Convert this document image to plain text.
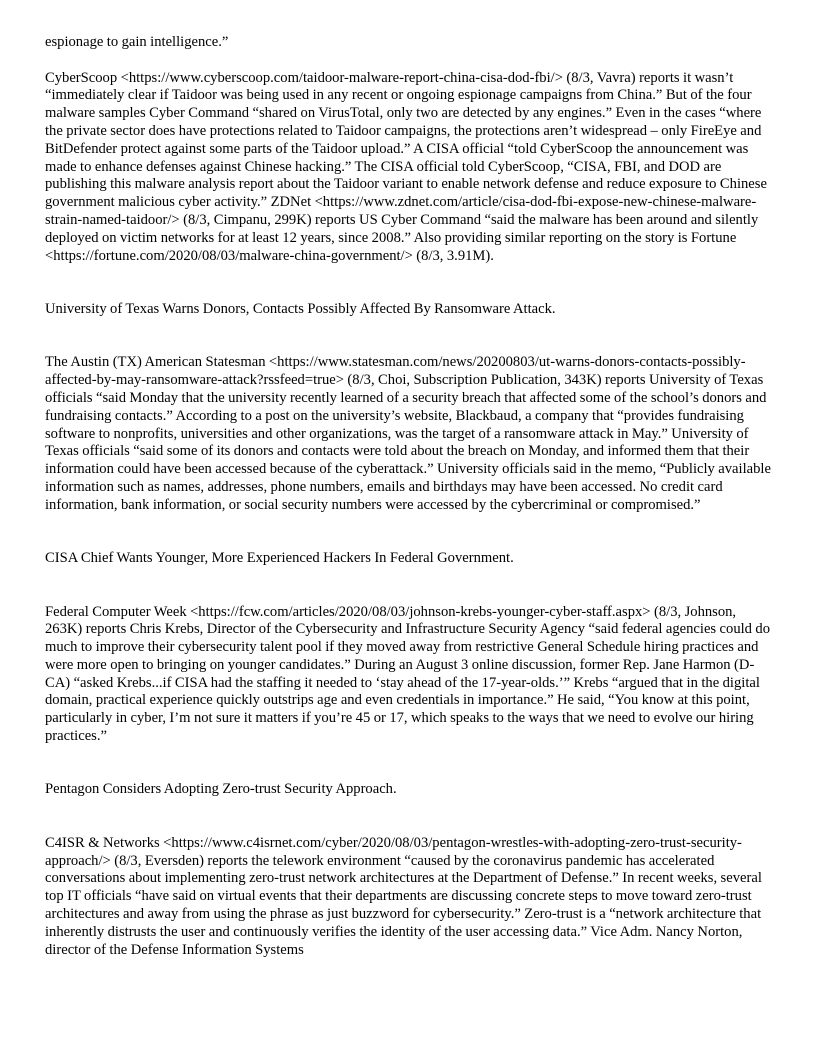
espionage to gain intelligence.”

CyberScoop <https://www.cyberscoop.com/taidoor-malware-report-china-cisa-dod-fbi/> (8/3, Vavra) reports it wasn’t “immediately clear if Taidoor was being used in any recent or ongoing espionage campaigns from China.” But of the four malware samples Cyber Command “shared on VirusTotal, only two are detected by any engines.” Even in the cases “where the private sector does have protections related to Taidoor campaigns, the protections aren’t widespread – only FireEye and BitDefender protect against some parts of the Taidoor upload.” A CISA official “told CyberScoop the announcement was made to enhance defenses against Chinese hacking.” The CISA official told CyberScoop, “CISA, FBI, and DOD are publishing this malware analysis report about the Taidoor variant to enable network defense and reduce exposure to Chinese government malicious cyber activity.” ZDNet <https://www.zdnet.com/article/cisa-dod-fbi-expose-new-chinese-malware-strain-named-taidoor/> (8/3, Cimpanu, 299K) reports US Cyber Command “said the malware has been around and silently deployed on victim networks for at least 12 years, since 2008.” Also providing similar reporting on the story is Fortune <https://fortune.com/2020/08/03/malware-china-government/> (8/3, 3.91M).

University of Texas Warns Donors, Contacts Possibly Affected By Ransomware Attack.

The Austin (TX) American Statesman <https://www.statesman.com/news/20200803/ut-warns-donors-contacts-possibly-affected-by-may-ransomware-attack?rssfeed=true> (8/3, Choi, Subscription Publication, 343K) reports University of Texas officials “said Monday that the university recently learned of a security breach that affected some of the school’s donors and fundraising contacts.” According to a post on the university’s website, Blackbaud, a company that “provides fundraising software to nonprofits, universities and other organizations, was the target of a ransomware attack in May.” University of Texas officials “said some of its donors and contacts were told about the breach on Monday, and informed them that their information could have been accessed because of the cyberattack.” University officials said in the memo, “Publicly available information such as names, addresses, phone numbers, emails and birthdays may have been accessed. No credit card information, bank information, or social security numbers were accessed by the cybercriminal or compromised.”

CISA Chief Wants Younger, More Experienced Hackers In Federal Government.

Federal Computer Week <https://fcw.com/articles/2020/08/03/johnson-krebs-younger-cyber-staff.aspx> (8/3, Johnson, 263K) reports Chris Krebs, Director of the Cybersecurity and Infrastructure Security Agency “said federal agencies could do much to improve their cybersecurity talent pool if they moved away from restrictive General Schedule hiring practices and were more open to bringing on younger candidates.” During an August 3 online discussion, former Rep. Jane Harmon (D-CA) “asked Krebs...if CISA had the staffing it needed to ‘stay ahead of the 17-year-olds.’” Krebs “argued that in the digital domain, practical experience quickly outstrips age and even credentials in importance.” He said, “You know at this point, particularly in cyber, I’m not sure it matters if you’re 45 or 17, which speaks to the ways that we need to evolve our hiring practices.”

Pentagon Considers Adopting Zero-trust Security Approach.

C4ISR & Networks <https://www.c4isrnet.com/cyber/2020/08/03/pentagon-wrestles-with-adopting-zero-trust-security-approach/> (8/3, Eversden) reports the telework environment “caused by the coronavirus pandemic has accelerated conversations about implementing zero-trust network architectures at the Department of Defense.” In recent weeks, several top IT officials “have said on virtual events that their departments are discussing concrete steps to move toward zero-trust architectures and away from using the phrase as just buzzword for cybersecurity.” Zero-trust is a “network architecture that inherently distrusts the user and continuously verifies the identity of the user accessing data.” Vice Adm. Nancy Norton, director of the Defense Information Systems
